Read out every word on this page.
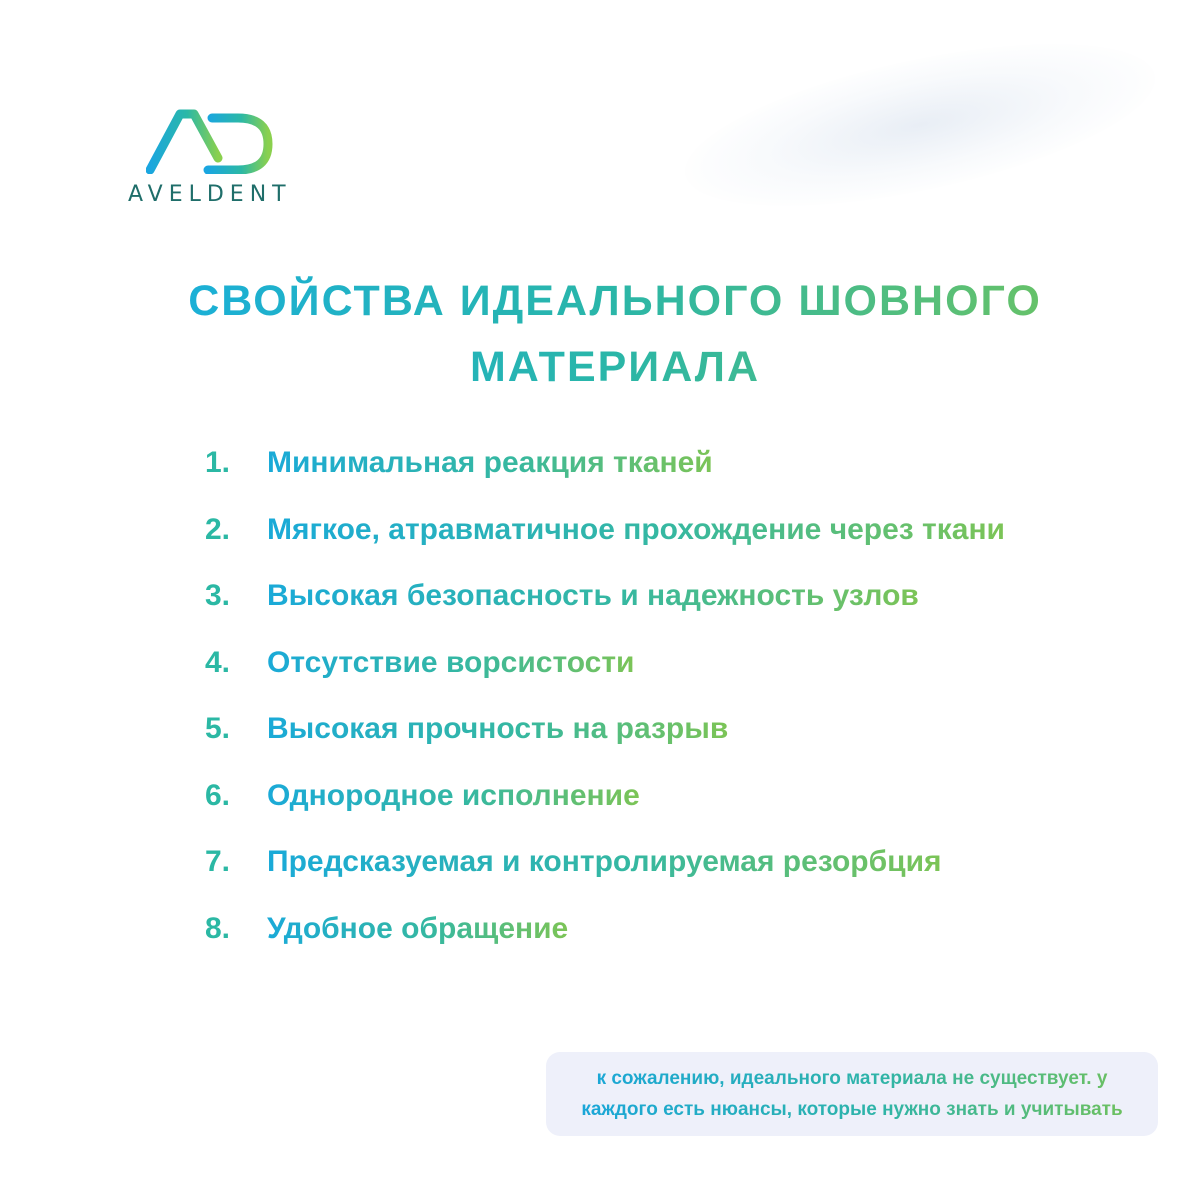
AVELDENT
СВОЙСТВА ИДЕАЛЬНОГО ШОВНОГО
МАТЕРИАЛА
1.	Минимальная реакция тканей
2.	Мягкое, атравматичное прохождение через ткани
3.	Высокая безопасность и надежность узлов
4.	Отсутствие ворсистости
5.	Высокая прочность на разрыв
6.	Однородное исполнение
7.	Предсказуемая и контролируемая резорбция
8.	Удобное обращение
к сожалению, идеального материала не существует. у
каждого есть нюансы, которые нужно знать и учитывать
